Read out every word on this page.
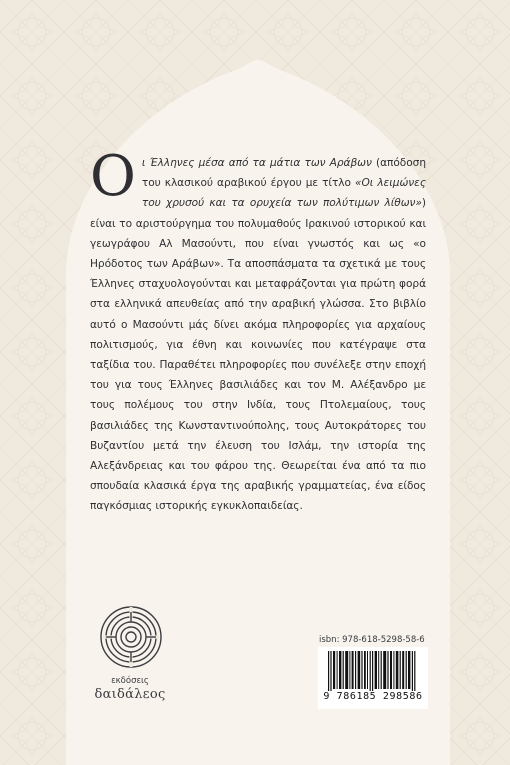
Οι Έλληνες μέσα από τα μάτια των Αράβων (απόδοση του κλασικού αραβικού έργου με τίτλο «Οι λειμώνες του χρυσού και τα ορυχεία των πολύτιμων λίθων») είναι το αριστούργημα του πολυμαθούς Ιρακινού ιστορικού και γεωγράφου Αλ Μασούντι, που είναι γνωστός και ως «ο Ηρόδοτος των Αράβων». Τα αποσπάσματα τα σχετικά με τους Έλληνες σταχυολογούνται και μεταφράζονται για πρώτη φορά στα ελληνικά απευθείας από την αραβική γλώσσα. Στο βιβλίο αυτό ο Μασούντι μάς δίνει ακόμα πληροφορίες για αρχαίους πολιτισμούς, για έθνη και κοινωνίες που κατέγραψε στα ταξίδια του. Παραθέτει πληροφορίες που συνέλεξε στην εποχή του για τους Έλληνες βασιλιάδες και τον Μ. Αλέξανδρο με τους πολέμους του στην Ινδία, τους Πτολεμαίους, τους βασιλιάδες της Κωνσταντινούπολης, τους Αυτοκράτορες του Βυζαντίου μετά την έλευση του Ισλάμ, την ιστορία της Αλεξάνδρειας και του φάρου της. Θεωρείται ένα από τα πιο σπουδαία κλασικά έργα της αραβικής γραμματείας, ένα είδος παγκόσμιας ιστορικής εγκυκλοπαιδείας.
εκδόσεις
δαιδάλεος
isbn: 978-618-5298-58-6
9 786185 298586
